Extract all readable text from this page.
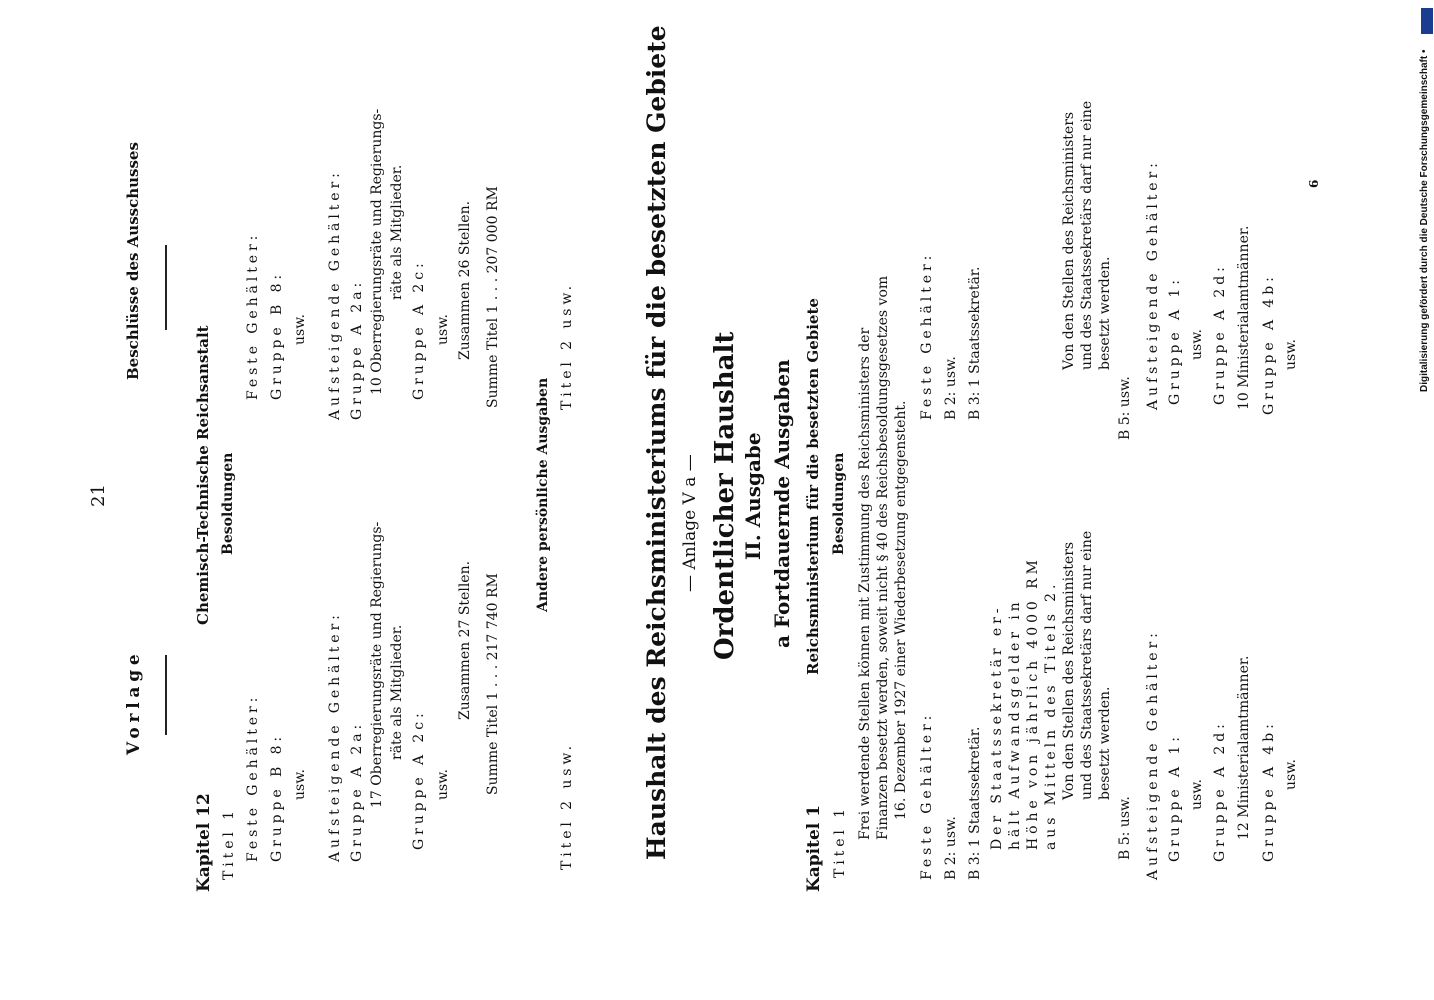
21
Vorlage
Beschlüsse des Ausschusses
Kapitel 12
Chemisch-Technische Reichsanstalt Besoldungen
Titel 1 Feste Gehälter: Gruppe B 8: usw. Aufsteigende Gehälter: Gruppe A 2a: 17 Oberregierungsräte und Regierungs- räte als Mitglieder.
Gruppe A 2c: usw.
Zusammen 27 Stellen. Summe Titel 1 . . . 217 740 RM
Titel 2 usw.
Feste Gehälter: Gruppe B 8: usw. Aufsteigende Gehälter: Gruppe A 2a: 10 Oberregierungsräte und Regierungs- räte als Mitglieder.
Gruppe A 2c: usw. Zusammen 26 Stellen. Summe Titel 1 . . . 207 000 RM	Titel 2 usw.
Andere persönliche Ausgaben	Haushalt des Reichsministeriums für die besetzten Gebiete — Anlage V a — Ordentlicher Haushalt II. Ausgabe a Fortdauernde Ausgaben Reichsministerium für die besetzten Gebiete Besoldungen
Kapitel 1 Titel 1
Frei werdende Stellen können mit Zustimmung des Reichsministers der Finanzen besetzt werden, soweit nicht § 40 des Reichsbesoldungsgesetzes vom 16. Dezember 1927 einer Wiederbesetzung entgegensteht. Feste Gehälter: B 2: usw. B 3: 1 Staatssekretär. Der Staatssekretär er- hält Aufwandsgelder in Höhe von jährlich 4000 RM aus Mitteln des Titels 2. Von den Stellen des Reichsministers und des Staatssekretärs darf nur eine besetzt werden.
B 5: usw. Aufsteigende Gehälter: Gruppe A 1: usw. Gruppe A 2d: 12 Ministerialamtmänner. Gruppe A 4b: usw.
Feste Gehälter: B 2: usw. B 3: 1 Staatssekretär.	Von den Stellen des Reichsministers und des Staatssekretärs darf nur eine besetzt werden.
B 5: usw. Aufsteigende Gehälter: Gruppe A 1: usw. Gruppe A 2d: 10 Ministerialamtmänner. Gruppe A 4b: usw.
6	Digitalisierung gefördert durch die Deutsche Forschungsgemeinschaft •
